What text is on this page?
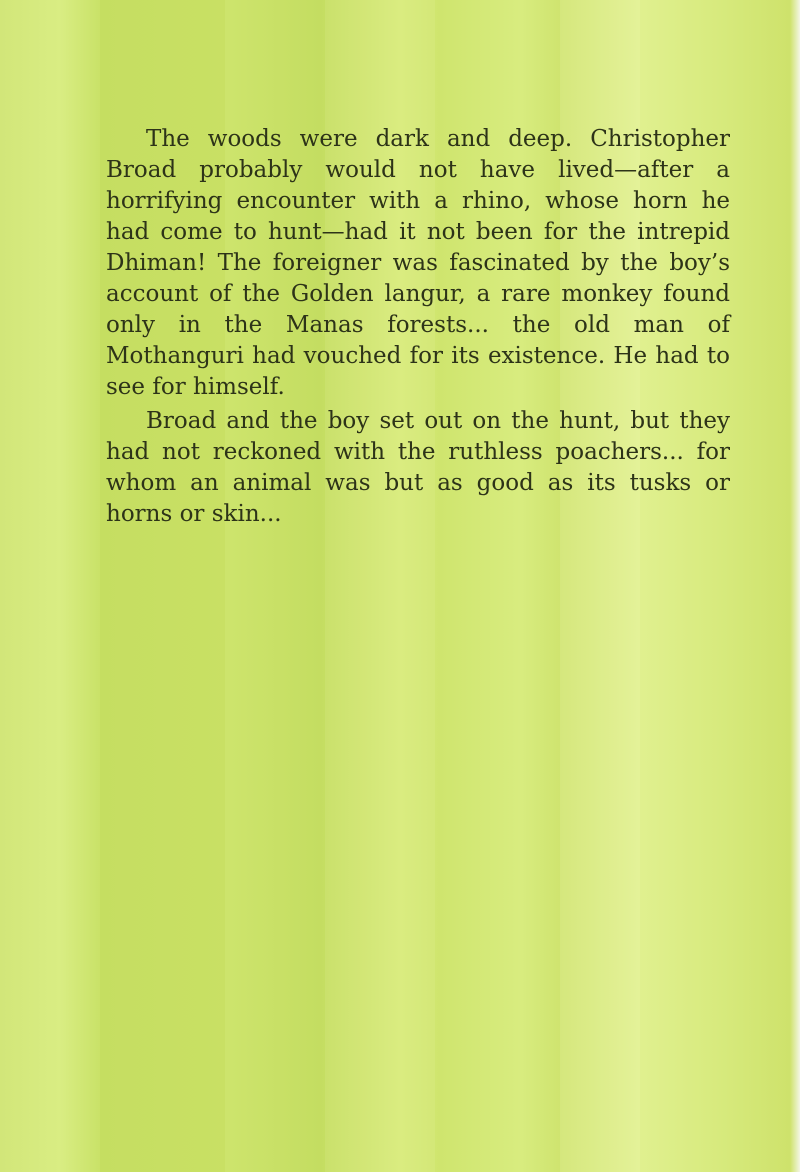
The woods were dark and deep. Christopher Broad probably would not have lived—after a horrifying encounter with a rhino, whose horn he had come to hunt—had it not been for the intrepid Dhiman! The foreigner was fascinated by the boy’s account of the Golden langur, a rare monkey found only in the Manas forests... the old man of Mothanguri had vouched for its existence. He had to see for himself.

Broad and the boy set out on the hunt, but they had not reckoned with the ruthless poachers... for whom an animal was but as good as its tusks or horns or skin...
